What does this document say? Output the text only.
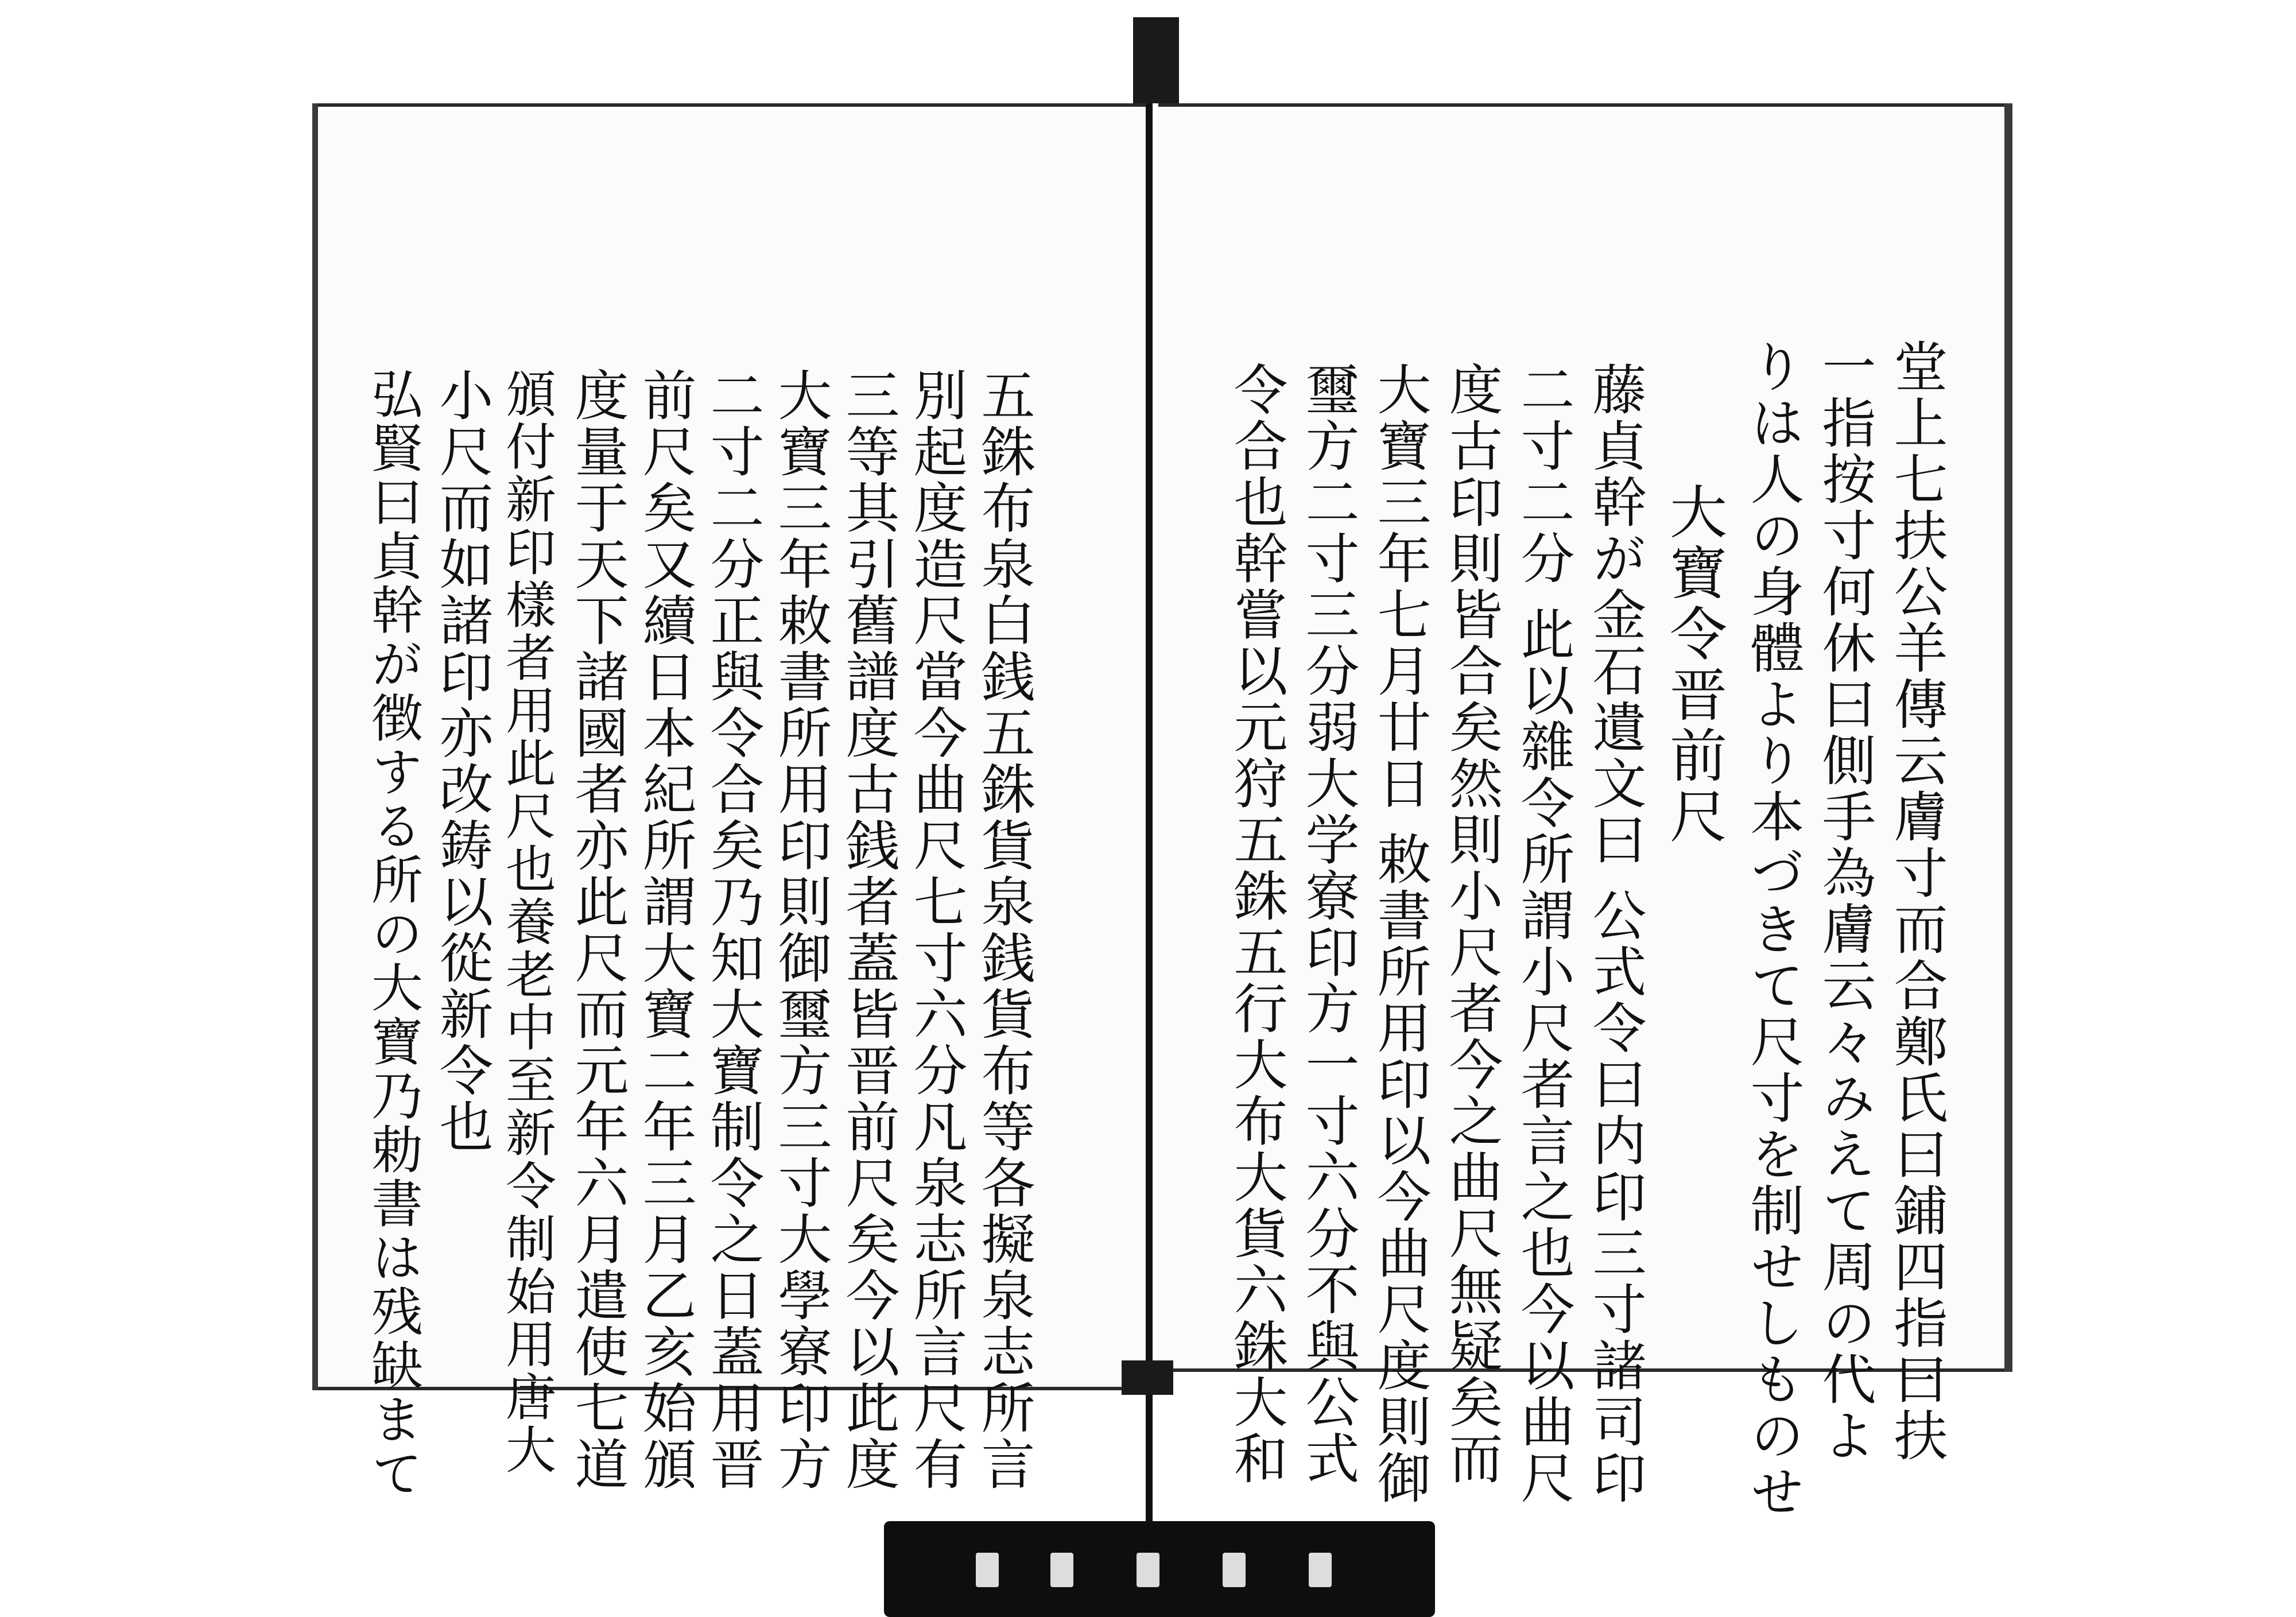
堂上七扶公羊傳云膚寸而合鄭氏曰鋪四指曰扶
一指按寸何休曰側手為膚云々みえて周の代よ
りは人の身體より本づきて尺寸を制せしものせ
大寶令晋前尺
藤貞幹が金石遺文曰 公式令曰内印三寸諸司印
二寸二分 此以雜令所謂小尺者言之也今以曲尺
度古印則皆合矣然則小尺者今之曲尺無疑矣而
大寶三年七月廿日 敕書所用印以今曲尺度則御
璽方二寸三分弱大学寮印方一寸六分不與公式
令合也幹嘗以元狩五銖五行大布大貨六銖大和
五銖布泉白銭五銖貨泉銭貨布等各擬泉志所言
別起度造尺當今曲尺七寸六分凡泉志所言尺有
三等其引舊譜度古銭者蓋皆晋前尺矣今以此度
大寶三年敕書所用印則御璽方三寸大學寮印方
二寸二分正與令合矣乃知大寶制令之日蓋用晋
前尺矣又續日本紀所謂大寶二年三月乙亥始頒
度量于天下諸國者亦此尺而元年六月遣使七道
頒付新印樣者用此尺也養老中至新令制始用唐大
小尺而如諸印亦改鋳以從新令也
弘賢曰貞幹が徴する所の大寶乃勅書は残缺まて
